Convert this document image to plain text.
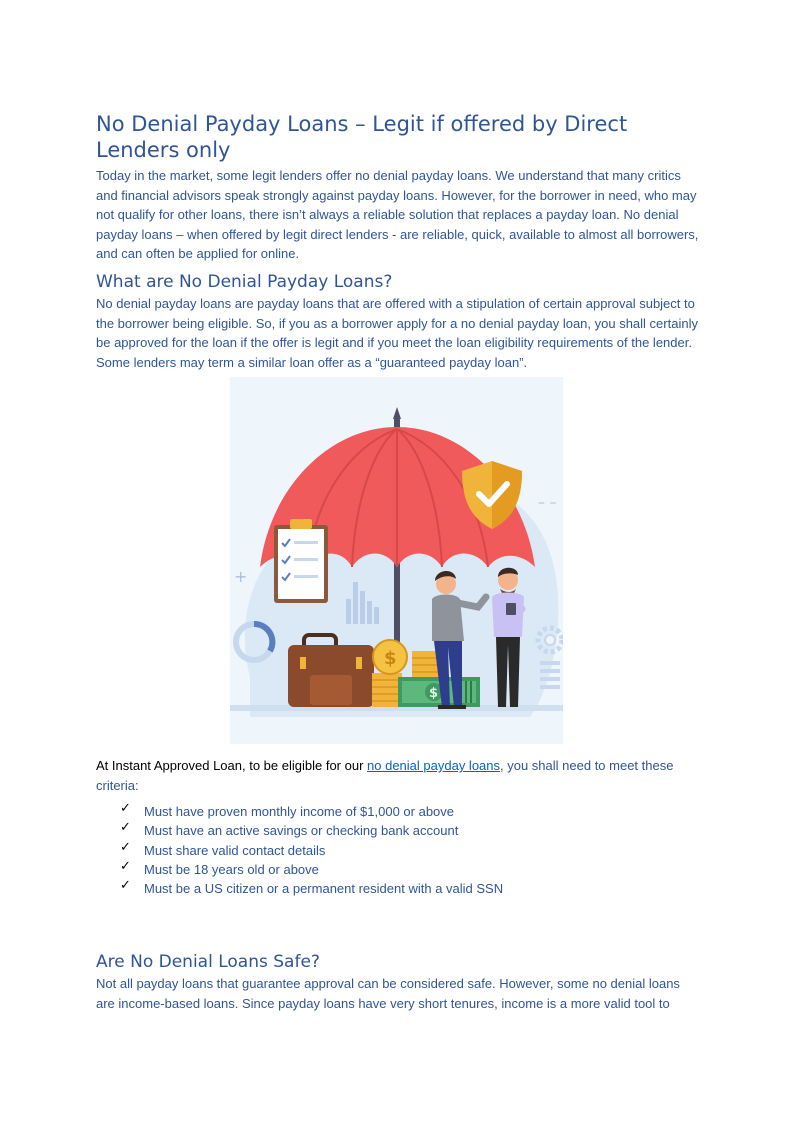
No Denial Payday Loans – Legit if offered by Direct Lenders only

Today in the market, some legit lenders offer no denial payday loans. We understand that many critics and financial advisors speak strongly against payday loans. However, for the borrower in need, who may not qualify for other loans, there isn’t always a reliable solution that replaces a payday loan. No denial payday loans – when offered by legit direct lenders - are reliable, quick, available to almost all borrowers, and can often be applied for online.

What are No Denial Payday Loans?

No denial payday loans are payday loans that are offered with a stipulation of certain approval subject to the borrower being eligible. So, if you as a borrower apply for a no denial payday loan, you shall certainly be approved for the loan if the offer is legit and if you meet the loan eligibility requirements of the lender. Some lenders may term a similar loan offer as a “guaranteed payday loan”.

At Instant Approved Loan, to be eligible for our no denial payday loans, you shall need to meet these criteria:

✓ Must have proven monthly income of $1,000 or above
✓ Must have an active savings or checking bank account
✓ Must share valid contact details
✓ Must be 18 years old or above
✓ Must be a US citizen or a permanent resident with a valid SSN
Are No Denial Loans Safe?

Not all payday loans that guarantee approval can be considered safe. However, some no denial loans are income-based loans. Since payday loans have very short tenures, income is a more valid tool to

+
– –
$
$
